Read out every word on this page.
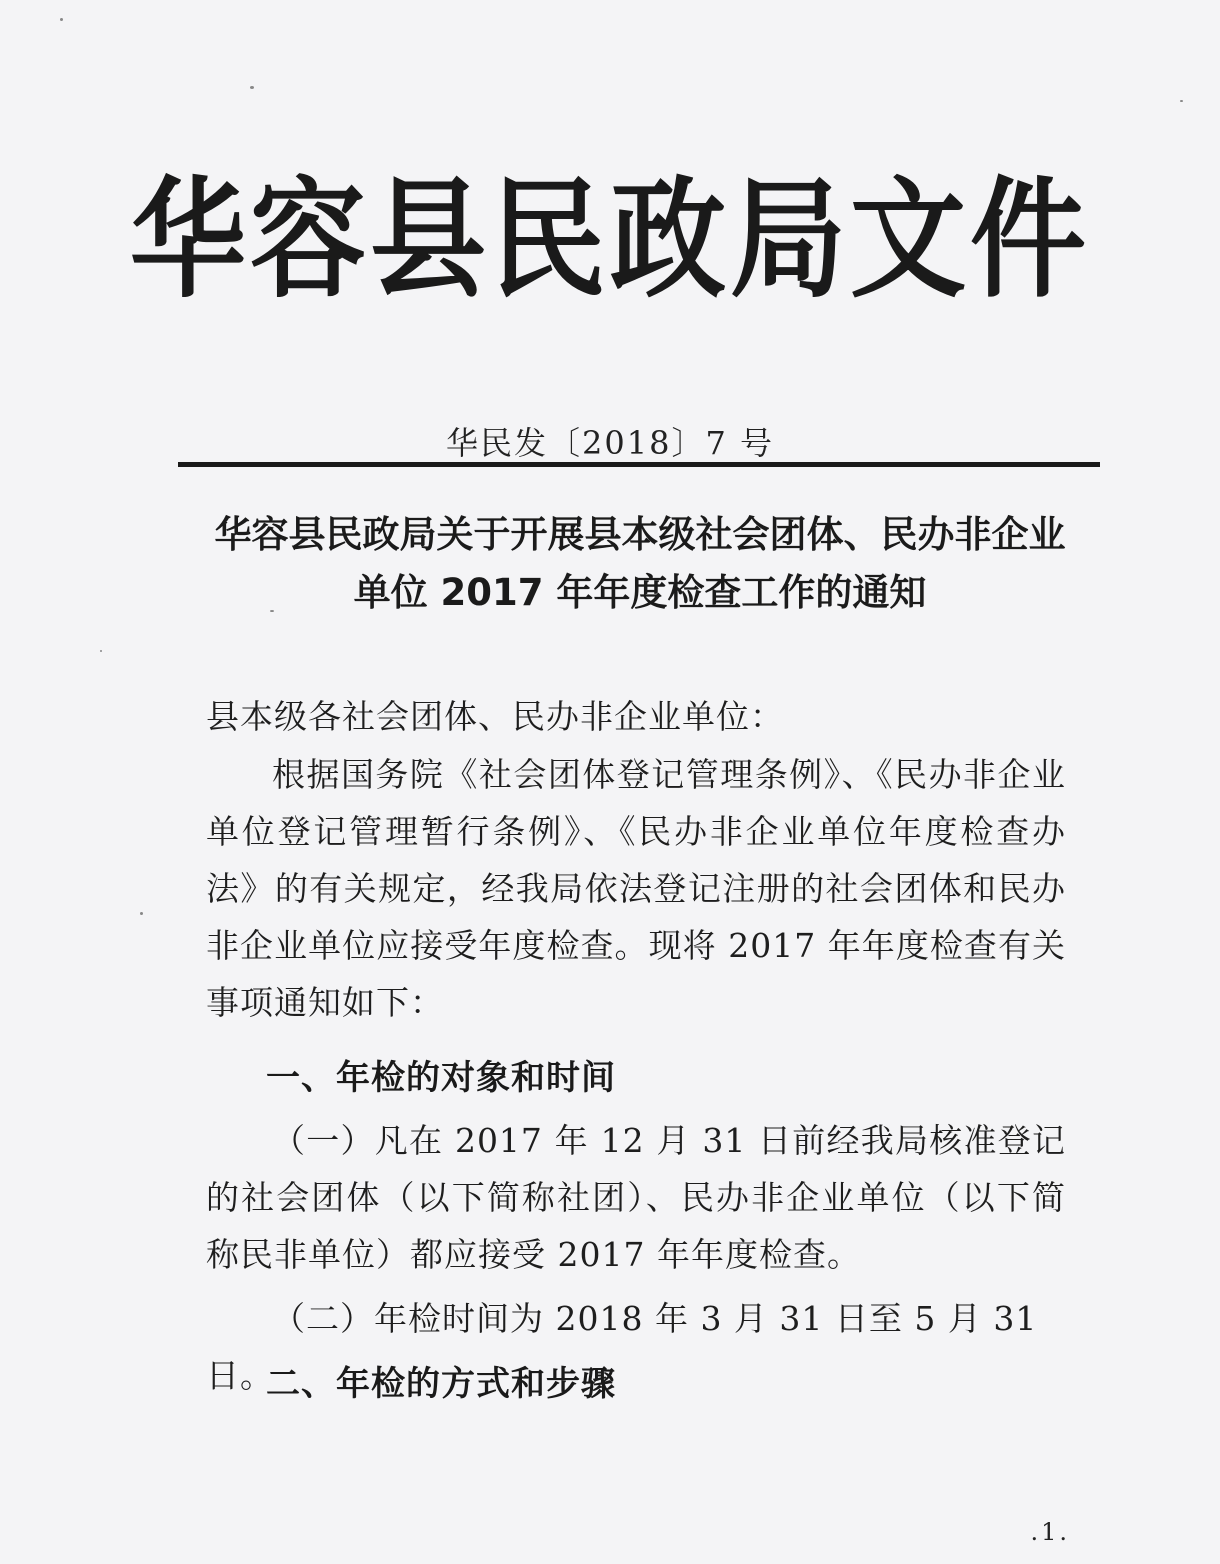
华容县民政局文件
华民发〔2018〕7 号
华容县民政局关于开展县本级社会团体、民办非企业
单位 2017 年年度检查工作的通知
县本级各社会团体、民办非企业单位：
根据国务院《社会团体登记管理条例》、《民办非企业单位登记管理暂行条例》、《民办非企业单位年度检查办法》的有关规定，经我局依法登记注册的社会团体和民办非企业单位应接受年度检查。现将 2017 年年度检查有关事项通知如下：
一、年检的对象和时间
（一）凡在 2017 年 12 月 31 日前经我局核准登记的社会团体（以下简称社团）、民办非企业单位（以下简称民非单位）都应接受 2017 年年度检查。
（二）年检时间为 2018 年 3 月 31 日至 5 月 31 日。
二、年检的方式和步骤
.1.
